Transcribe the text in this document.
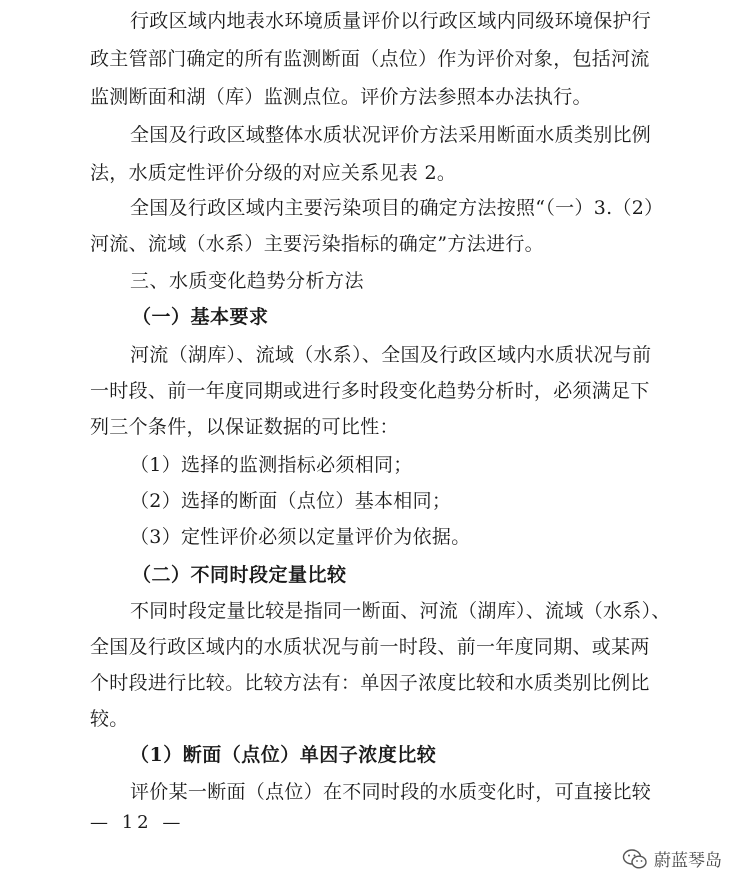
行政区域内地表水环境质量评价以行政区域内同级环境保护行
政主管部门确定的所有监测断面（点位）作为评价对象，包括河流
监测断面和湖（库）监测点位。评价方法参照本办法执行。
全国及行政区域整体水质状况评价方法采用断面水质类别比例
法，水质定性评价分级的对应关系见表 2。
全国及行政区域内主要污染项目的确定方法按照“（一）3.（2）
河流、流域（水系）主要污染指标的确定”方法进行。
三、水质变化趋势分析方法
（一）基本要求
河流（湖库）、流域（水系）、全国及行政区域内水质状况与前
一时段、前一年度同期或进行多时段变化趋势分析时，必须满足下
列三个条件，以保证数据的可比性：
（1）选择的监测指标必须相同；
（2）选择的断面（点位）基本相同；
（3）定性评价必须以定量评价为依据。
（二）不同时段定量比较
不同时段定量比较是指同一断面、河流（湖库）、流域（水系）、
全国及行政区域内的水质状况与前一时段、前一年度同期、或某两
个时段进行比较。比较方法有：单因子浓度比较和水质类别比例比
较。
（1）断面（点位）单因子浓度比较
评价某一断面（点位）在不同时段的水质变化时，可直接比较
— 12 —
蔚蓝琴岛
